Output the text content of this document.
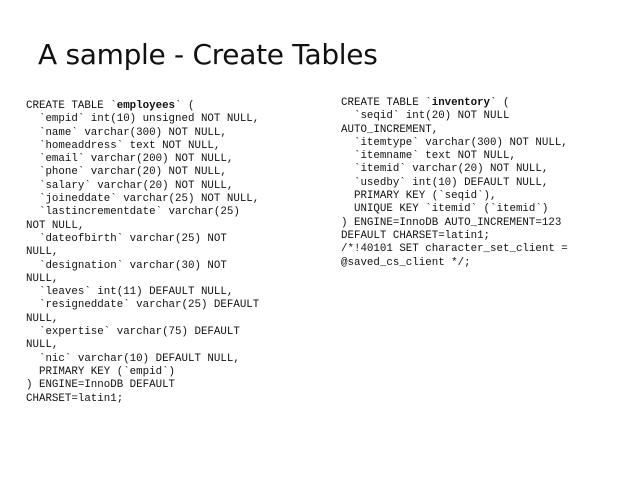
A sample - Create Tables
CREATE TABLE `employees` (
`empid` int(10) unsigned NOT NULL,
`name` varchar(300) NOT NULL,
`homeaddress` text NOT NULL,
`email` varchar(200) NOT NULL,
`phone` varchar(20) NOT NULL,
`salary` varchar(20) NOT NULL,
`joineddate` varchar(25) NOT NULL,
`lastincrementdate` varchar(25)
NOT NULL,
`dateofbirth` varchar(25) NOT
NULL,
`designation` varchar(30) NOT
NULL,
`leaves` int(11) DEFAULT NULL,
`resigneddate` varchar(25) DEFAULT
NULL,
`expertise` varchar(75) DEFAULT
NULL,
`nic` varchar(10) DEFAULT NULL,
PRIMARY KEY (`empid`)
) ENGINE=InnoDB DEFAULT
CHARSET=latin1;
CREATE TABLE `inventory` (
`seqid` int(20) NOT NULL
AUTO_INCREMENT,
`itemtype` varchar(300) NOT NULL,
`itemname` text NOT NULL,
`itemid` varchar(20) NOT NULL,
`usedby` int(10) DEFAULT NULL,
PRIMARY KEY (`seqid`),
UNIQUE KEY `itemid` (`itemid`)
) ENGINE=InnoDB AUTO_INCREMENT=123
DEFAULT CHARSET=latin1;
/*!40101 SET character_set_client =
@saved_cs_client */;
